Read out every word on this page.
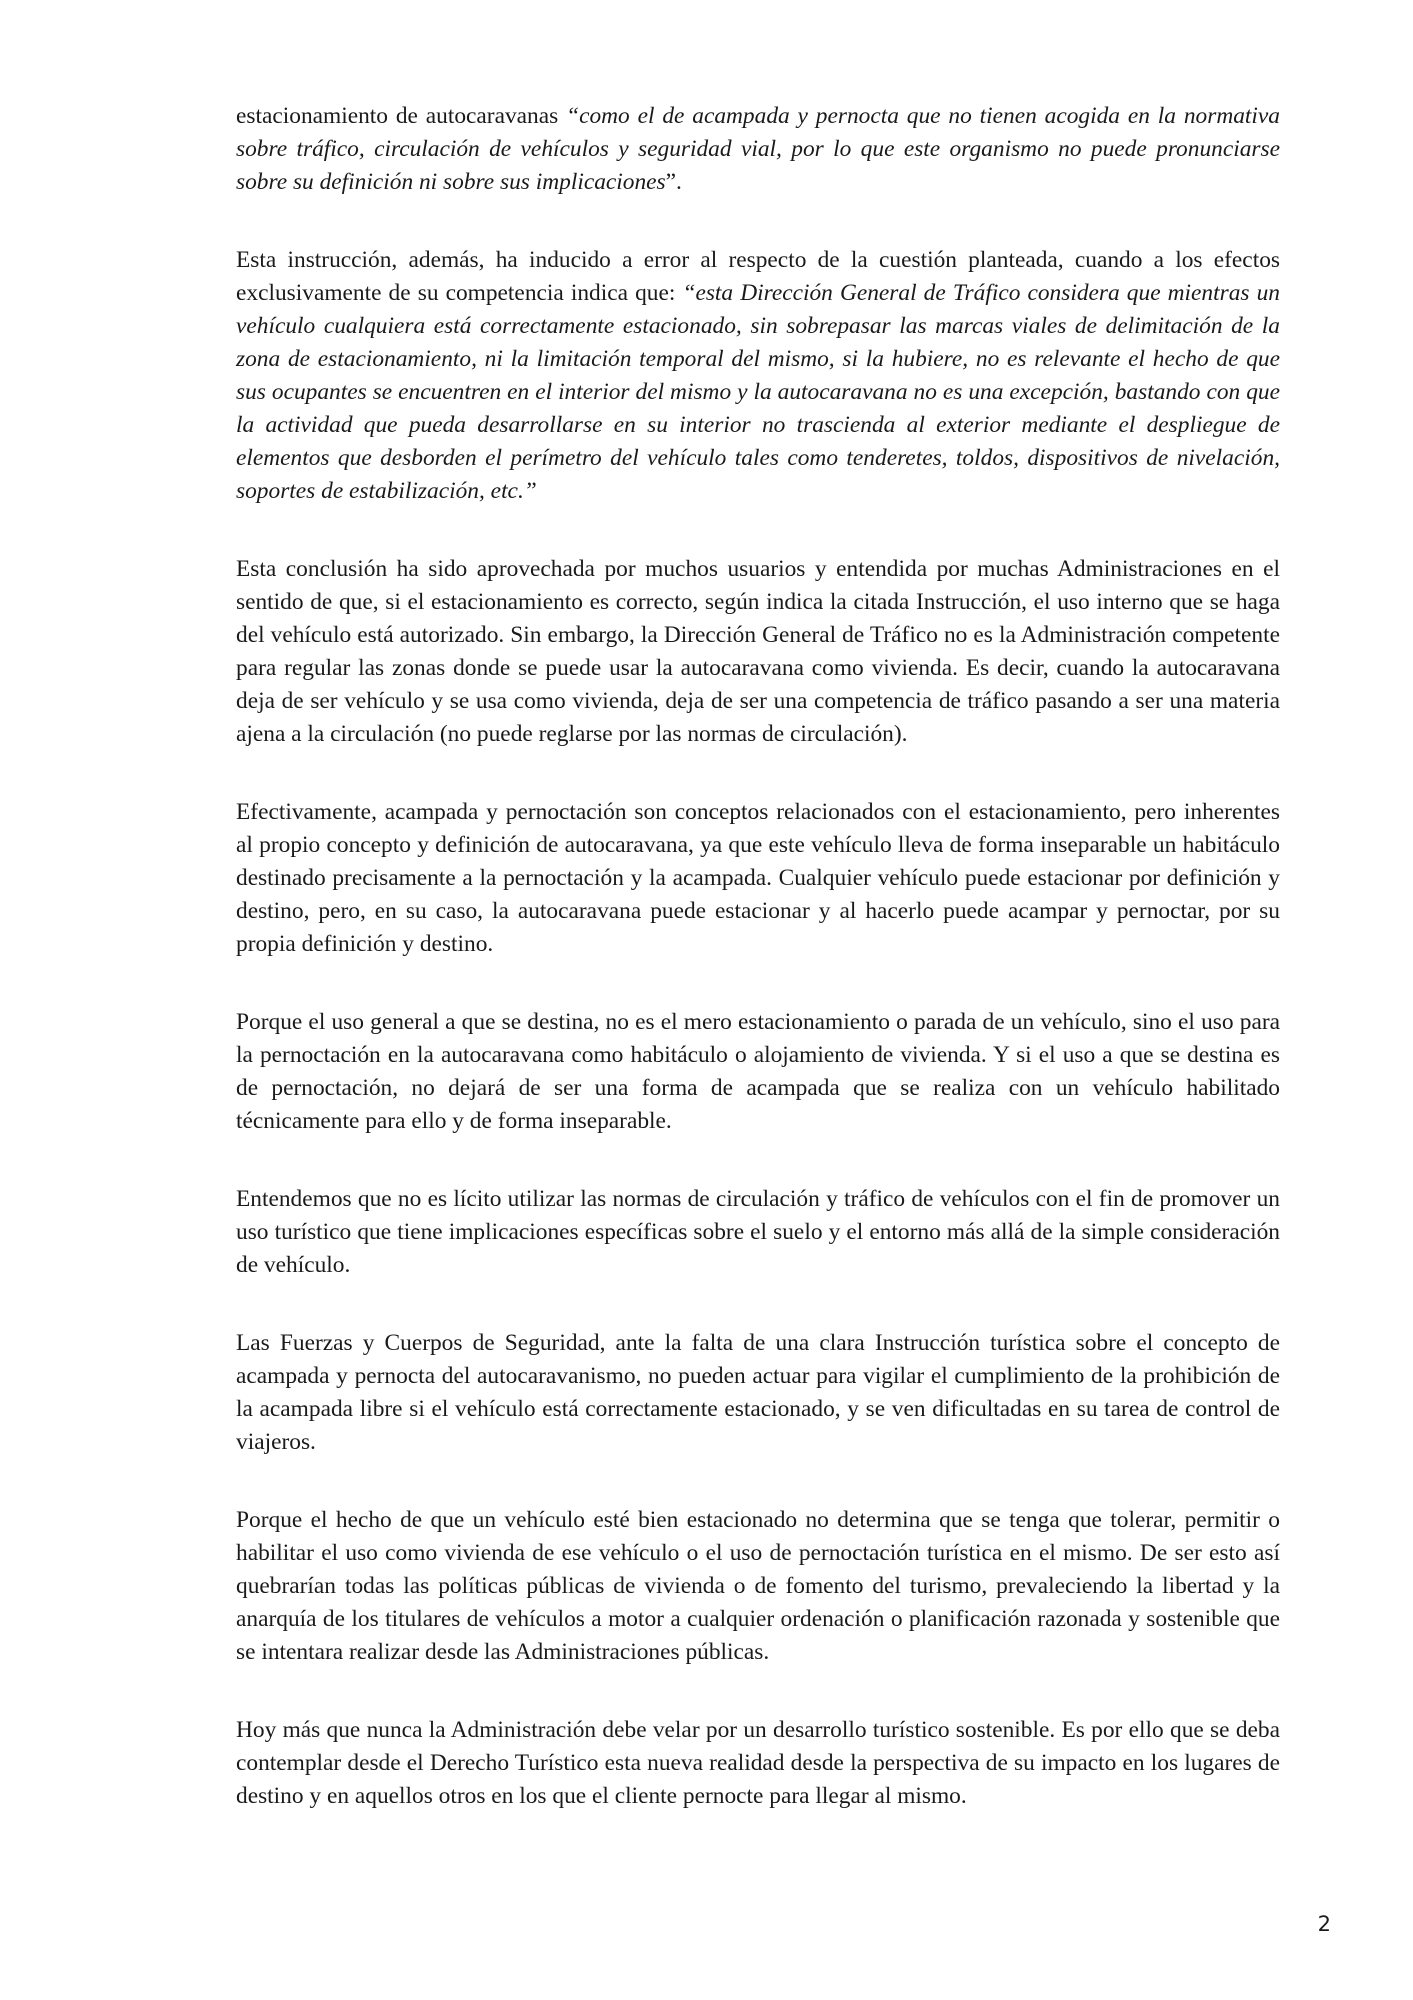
estacionamiento de autocaravanas “como el de acampada y pernocta que no tienen acogida en la normativa sobre tráfico, circulación de vehículos y seguridad vial, por lo que este organismo no puede pronunciarse sobre su definición ni sobre sus implicaciones”.

Esta instrucción, además, ha inducido a error al respecto de la cuestión planteada, cuando a los efectos exclusivamente de su competencia indica que: “esta Dirección General de Tráfico considera que mientras un vehículo cualquiera está correctamente estacionado, sin sobrepasar las marcas viales de delimitación de la zona de estacionamiento, ni la limitación temporal del mismo, si la hubiere, no es relevante el hecho de que sus ocupantes se encuentren en el interior del mismo y la autocaravana no es una excepción, bastando con que la actividad que pueda desarrollarse en su interior no trascienda al exterior mediante el despliegue de elementos que desborden el perímetro del vehículo tales como tenderetes, toldos, dispositivos de nivelación, soportes de estabilización, etc.”

Esta conclusión ha sido aprovechada por muchos usuarios y entendida por muchas Administraciones en el sentido de que, si el estacionamiento es correcto, según indica la citada Instrucción, el uso interno que se haga del vehículo está autorizado. Sin embargo, la Dirección General de Tráfico no es la Administración competente para regular las zonas donde se puede usar la autocaravana como vivienda. Es decir, cuando la autocaravana deja de ser vehículo y se usa como vivienda, deja de ser una competencia de tráfico pasando a ser una materia ajena a la circulación (no puede reglarse por las normas de circulación).

Efectivamente, acampada y pernoctación son conceptos relacionados con el estacionamiento, pero inherentes al propio concepto y definición de autocaravana, ya que este vehículo lleva de forma inseparable un habitáculo destinado precisamente a la pernoctación y la acampada. Cualquier vehículo puede estacionar por definición y destino, pero, en su caso, la autocaravana puede estacionar y al hacerlo puede acampar y pernoctar, por su propia definición y destino.

Porque el uso general a que se destina, no es el mero estacionamiento o parada de un vehículo, sino el uso para la pernoctación en la autocaravana como habitáculo o alojamiento de vivienda. Y si el uso a que se destina es de pernoctación, no dejará de ser una forma de acampada que se realiza con un vehículo habilitado técnicamente para ello y de forma inseparable.

Entendemos que no es lícito utilizar las normas de circulación y tráfico de vehículos con el fin de promover un uso turístico que tiene implicaciones específicas sobre el suelo y el entorno más allá de la simple consideración de vehículo.

Las Fuerzas y Cuerpos de Seguridad, ante la falta de una clara Instrucción turística sobre el concepto de acampada y pernocta del autocaravanismo, no pueden actuar para vigilar el cumplimiento de la prohibición de la acampada libre si el vehículo está correctamente estacionado, y se ven dificultadas en su tarea de control de viajeros.

Porque el hecho de que un vehículo esté bien estacionado no determina que se tenga que tolerar, permitir o habilitar el uso como vivienda de ese vehículo o el uso de pernoctación turística en el mismo. De ser esto así quebrarían todas las políticas públicas de vivienda o de fomento del turismo, prevaleciendo la libertad y la anarquía de los titulares de vehículos a motor a cualquier ordenación o planificación razonada y sostenible que se intentara realizar desde las Administraciones públicas.

Hoy más que nunca la Administración debe velar por un desarrollo turístico sostenible. Es por ello que se deba contemplar desde el Derecho Turístico esta nueva realidad desde la perspectiva de su impacto en los lugares de destino y en aquellos otros en los que el cliente pernocte para llegar al mismo.

2
